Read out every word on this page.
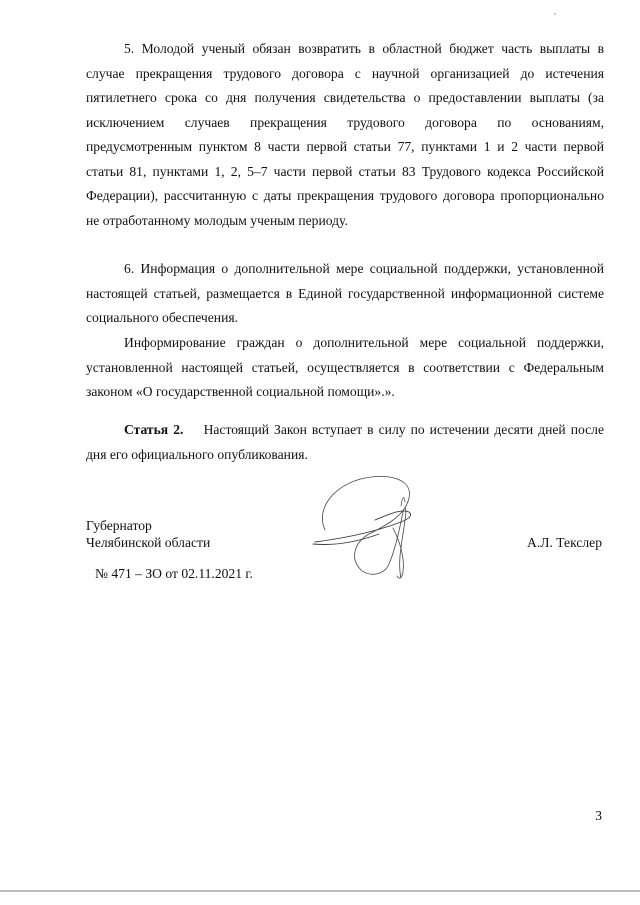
5. Молодой ученый обязан возвратить в областной бюджет часть выплаты в случае прекращения трудового договора с научной организацией до истечения пятилетнего срока со дня получения свидетельства о предоставлении выплаты (за исключением случаев прекращения трудового договора по основаниям, предусмотренным пунктом 8 части первой статьи 77, пунктами 1 и 2 части первой статьи 81, пунктами 1, 2, 5–7 части первой статьи 83 Трудового кодекса Российской Федерации), рассчитанную с даты прекращения трудового договора пропорционально не отработанному молодым ученым периоду.

6. Информация о дополнительной мере социальной поддержки, установленной настоящей статьей, размещается в Единой государственной информационной системе социального обеспечения.

Информирование граждан о дополнительной мере социальной поддержки, установленной настоящей статьей, осуществляется в соответствии с Федеральным законом «О государственной социальной помощи».».

Статья 2. Настоящий Закон вступает в силу по истечении десяти дней после дня его официального опубликования.

Губернатор
Челябинской области	А.Л. Текслер
№ 471 – ЗО от 02.11.2021 г.
3
